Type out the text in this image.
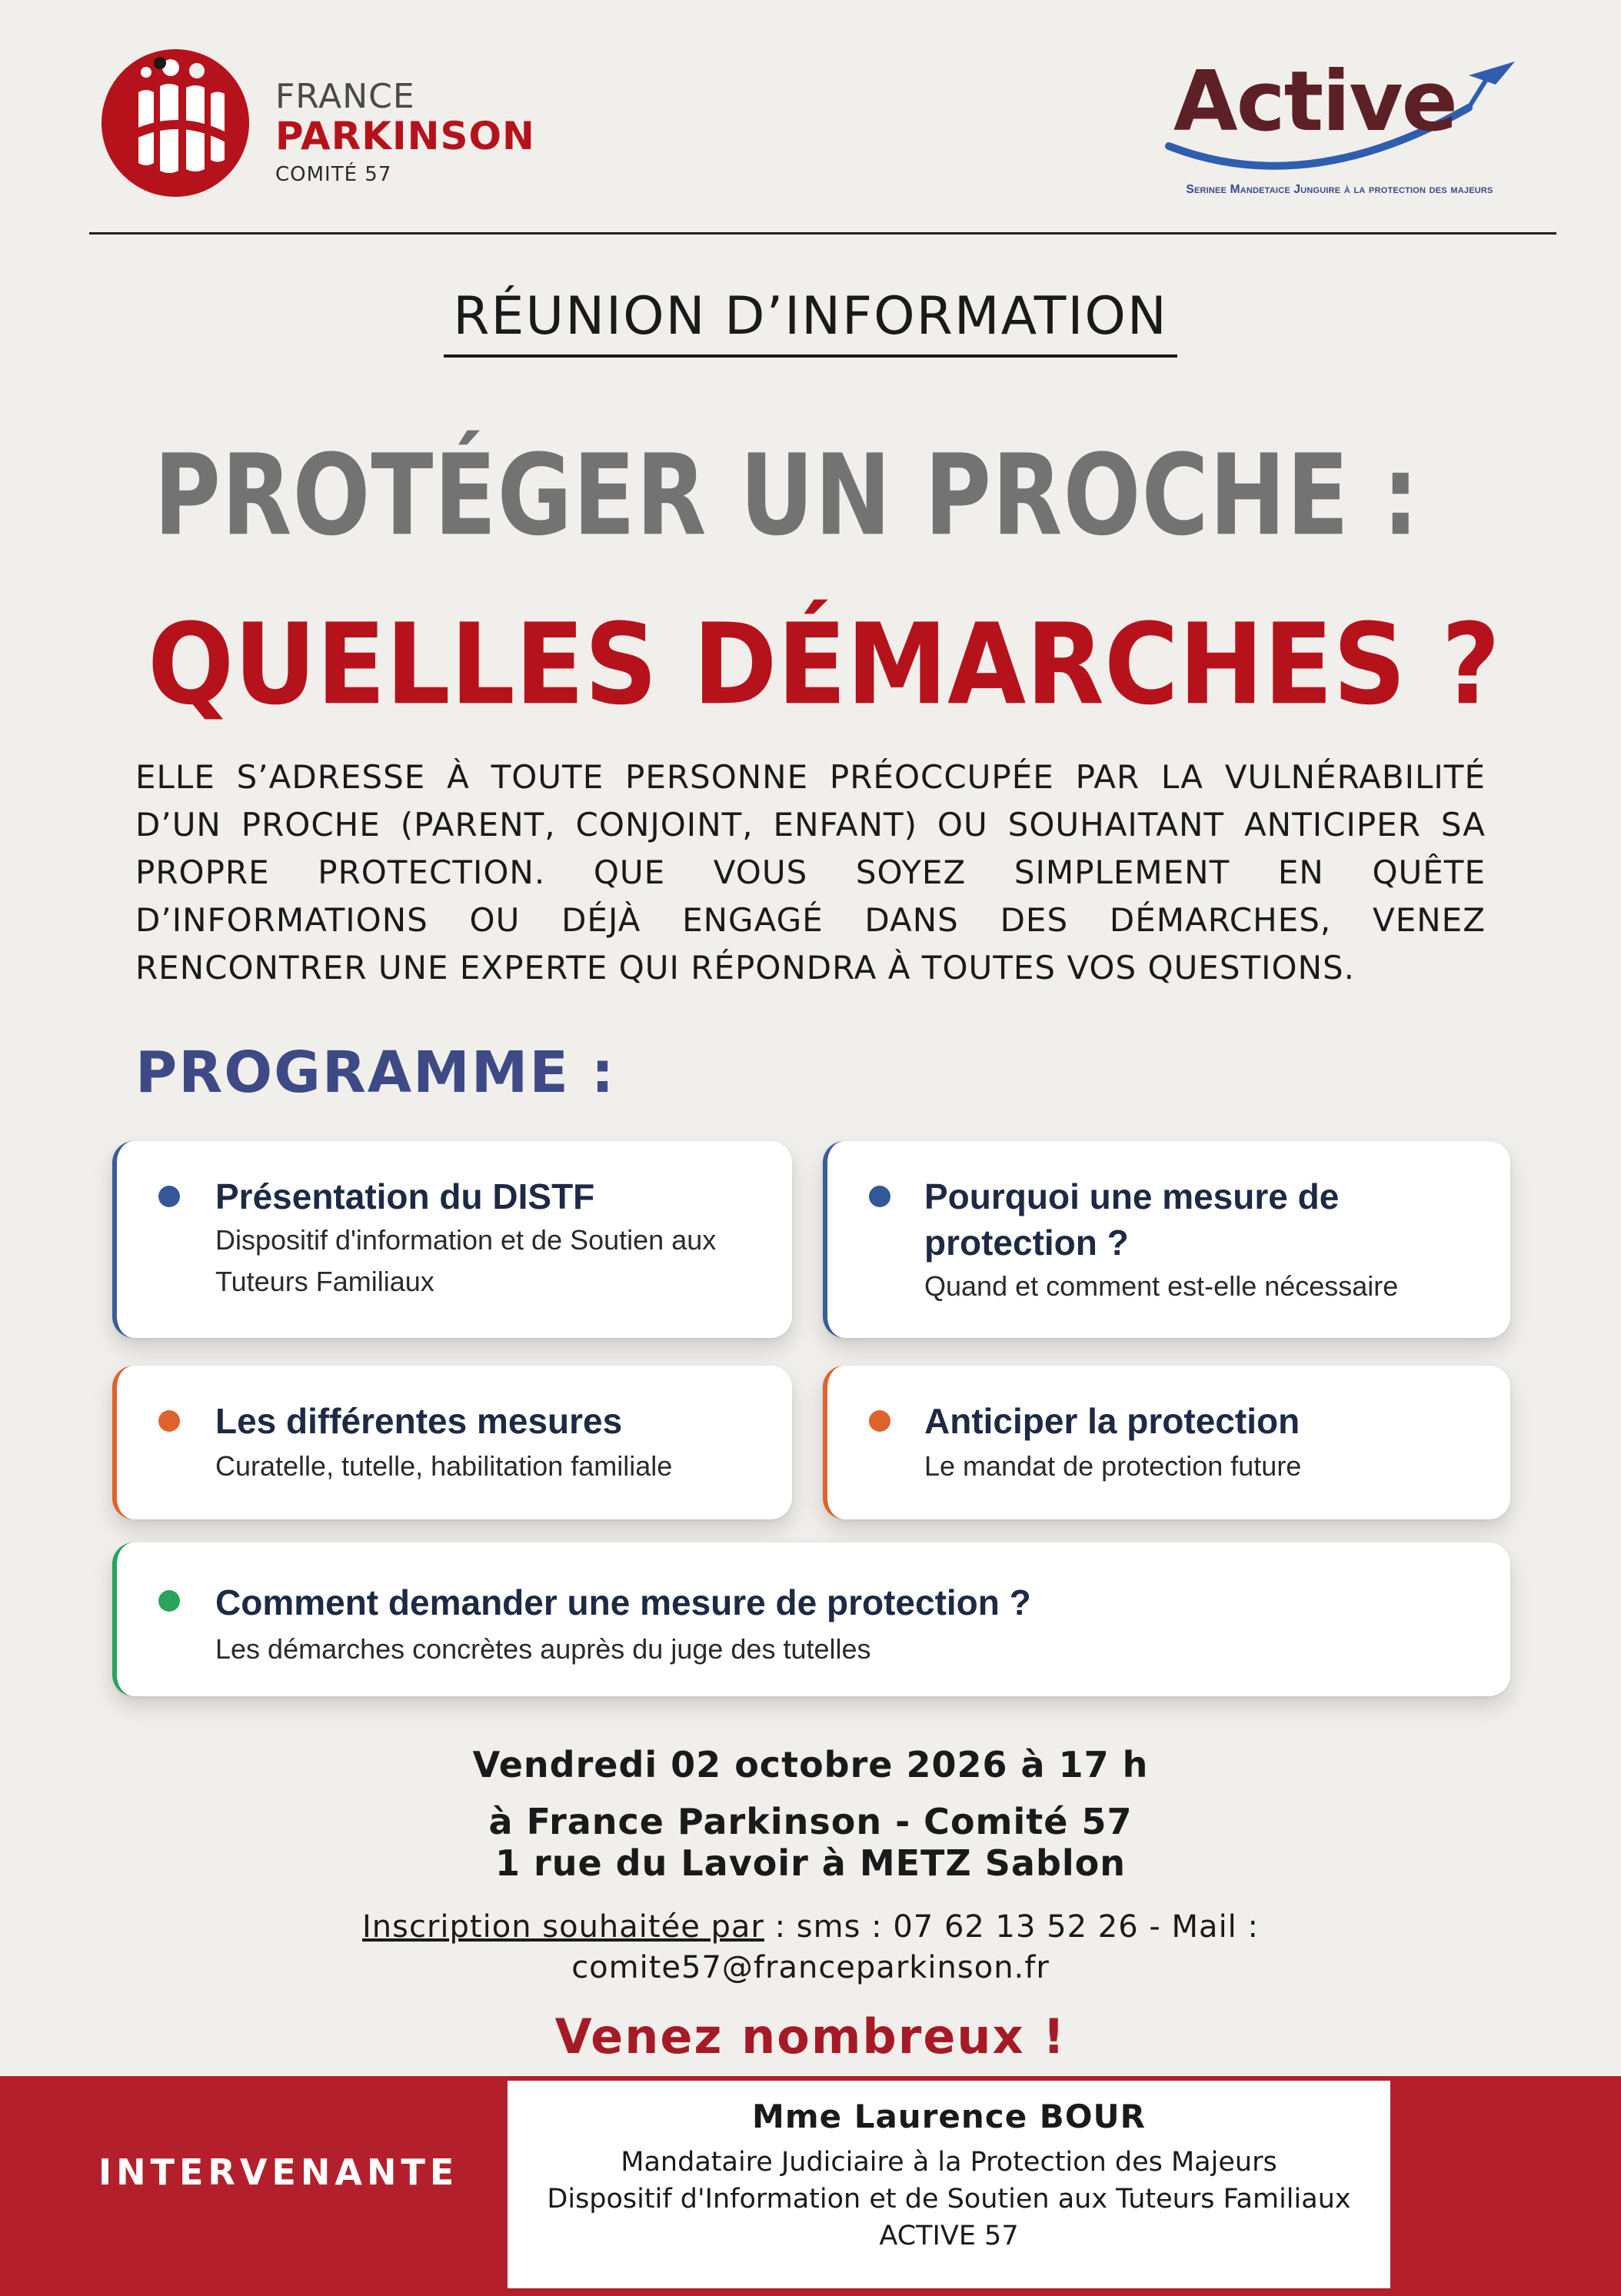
FRANCE
PARKINSON
COMITÉ 57
Active
Serinee Mandetaice Junguire à la protection des majeurs
RÉUNION D’INFORMATION
PROTÉGER UN PROCHE :
QUELLES DÉMARCHES ?
ELLE S’ADRESSE À TOUTE PERSONNE PRÉOCCUPÉE PAR LA VULNÉRABILITÉ D’UN PROCHE (PARENT, CONJOINT, ENFANT) OU SOUHAITANT ANTICIPER SA PROPRE PROTECTION. QUE VOUS SOYEZ SIMPLEMENT EN QUÊTE D’INFORMATIONS OU DÉJÀ ENGAGÉ DANS DES DÉMARCHES, VENEZ RENCONTRER UNE EXPERTE QUI RÉPONDRA À TOUTES VOS QUESTIONS.
PROGRAMME :
Présentation du DISTF
Dispositif d'information et de Soutien aux
Tuteurs Familiaux
Pourquoi une mesure de
protection ?
Quand et comment est-elle nécessaire
Les différentes mesures
Curatelle, tutelle, habilitation familiale
Anticiper la protection
Le mandat de protection future
Comment demander une mesure de protection ?
Les démarches concrètes auprès du juge des tutelles
Vendredi 02 octobre 2026 à 17 h
à France Parkinson - Comité 57
1 rue du Lavoir à METZ Sablon
Inscription souhaitée par : sms : 07 62 13 52 26 - Mail :
comite57@franceparkinson.fr
Venez nombreux !
INTERVENANTE
Mme Laurence BOUR
Mandataire Judiciaire à la Protection des Majeurs
Dispositif d'Information et de Soutien aux Tuteurs Familiaux
ACTIVE 57
